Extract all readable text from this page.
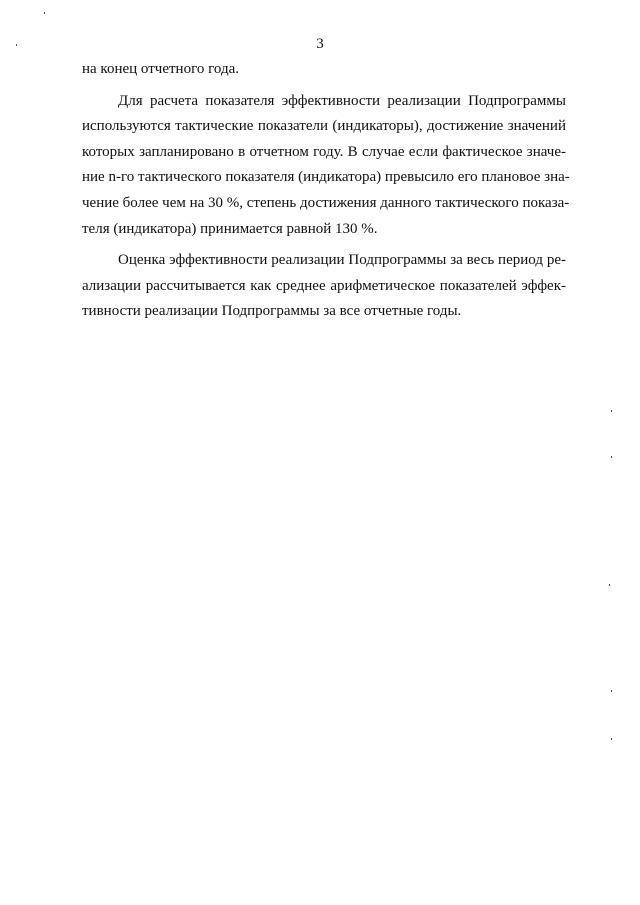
3
на конец отчетного года.
Для расчета показателя эффективности реализации Подпрограммы
используются тактические показатели (индикаторы), достижение значений
которых запланировано в отчетном году. В случае если фактическое значе-
ние n-го тактического показателя (индикатора) превысило его плановое зна-
чение более чем на 30 %, степень достижения данного тактического показа-
теля (индикатора) принимается равной 130 %.
Оценка эффективности реализации Подпрограммы за весь период ре-
ализации рассчитывается как среднее арифметическое показателей эффек-
тивности реализации Подпрограммы за все отчетные годы.
